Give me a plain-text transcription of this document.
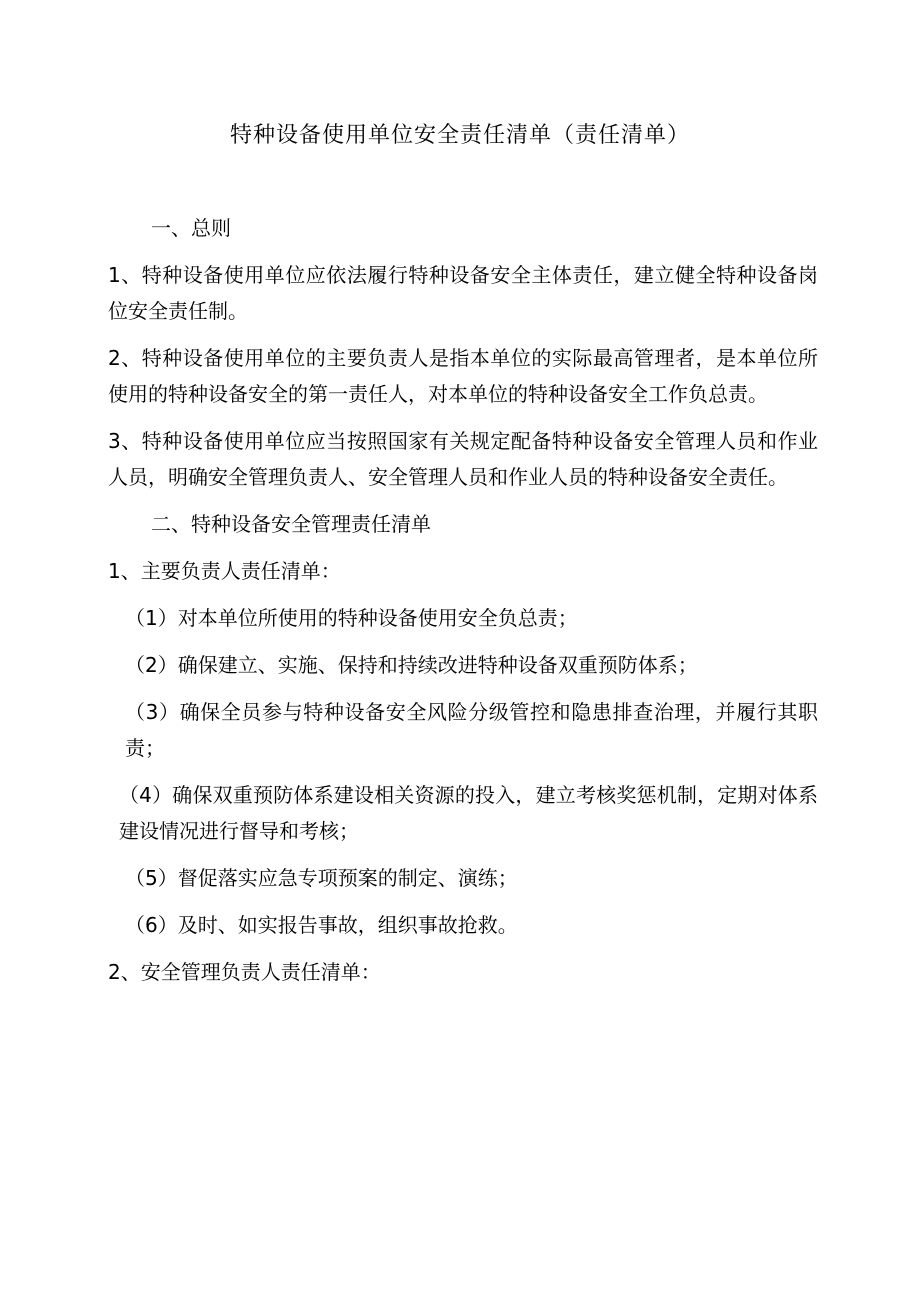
特种设备使用单位安全责任清单（责任清单）

一、总则

1、特种设备使用单位应依法履行特种设备安全主体责任，建立健全特种设备岗位安全责任制。

2、特种设备使用单位的主要负责人是指本单位的实际最高管理者，是本单位所使用的特种设备安全的第一责任人，对本单位的特种设备安全工作负总责。

3、特种设备使用单位应当按照国家有关规定配备特种设备安全管理人员和作业人员，明确安全管理负责人、安全管理人员和作业人员的特种设备安全责任。

二、特种设备安全管理责任清单

1、主要负责人责任清单：

（1）对本单位所使用的特种设备使用安全负总责；

（2）确保建立、实施、保持和持续改进特种设备双重预防体系；

（3）确保全员参与特种设备安全风险分级管控和隐患排查治理，并履行其职责；

（4）确保双重预防体系建设相关资源的投入，建立考核奖惩机制，定期对体系建设情况进行督导和考核；

（5）督促落实应急专项预案的制定、演练；

（6）及时、如实报告事故，组织事故抢救。

2、安全管理负责人责任清单：
